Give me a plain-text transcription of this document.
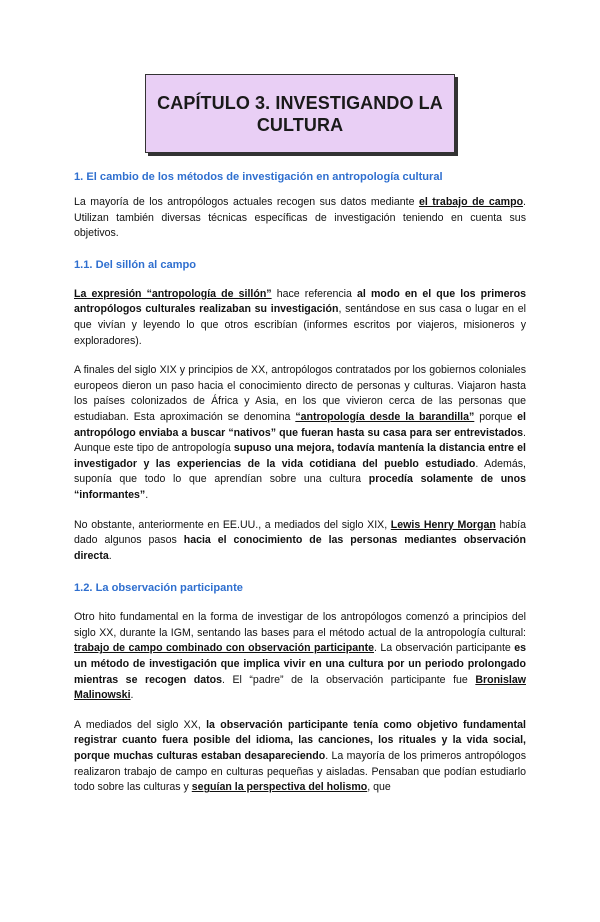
CAPÍTULO 3. INVESTIGANDO LA
CULTURA
1. El cambio de los métodos de investigación en antropología cultural

La mayoría de los antropólogos actuales recogen sus datos mediante el trabajo de campo. Utilizan también diversas técnicas específicas de investigación teniendo en cuenta sus objetivos.

1.1. Del sillón al campo

La expresión “antropología de sillón” hace referencia al modo en el que los primeros antropólogos culturales realizaban su investigación, sentándose en sus casa o lugar en el que vivían y leyendo lo que otros escribían (informes escritos por viajeros, misioneros y exploradores).

A finales del siglo XIX y principios de XX, antropólogos contratados por los gobiernos coloniales europeos dieron un paso hacia el conocimiento directo de personas y culturas. Viajaron hasta los países colonizados de África y Asia, en los que vivieron cerca de las personas que estudiaban. Esta aproximación se denomina “antropología desde la barandilla” porque el antropólogo enviaba a buscar “nativos” que fueran hasta su casa para ser entrevistados. Aunque este tipo de antropología supuso una mejora, todavía mantenía la distancia entre el investigador y las experiencias de la vida cotidiana del pueblo estudiado. Además, suponía que todo lo que aprendían sobre una cultura procedía solamente de unos “informantes”.

No obstante, anteriormente en EE.UU., a mediados del siglo XIX, Lewis Henry Morgan había dado algunos pasos hacia el conocimiento de las personas mediantes observación directa.

1.2. La observación participante

Otro hito fundamental en la forma de investigar de los antropólogos comenzó a principios del siglo XX, durante la IGM, sentando las bases para el método actual de la antropología cultural: trabajo de campo combinado con observación participante. La observación participante es un método de investigación que implica vivir en una cultura por un periodo prolongado mientras se recogen datos. El “padre” de la observación participante fue Bronislaw Malinowski.

A mediados del siglo XX, la observación participante tenía como objetivo fundamental registrar cuanto fuera posible del idioma, las canciones, los rituales y la vida social, porque muchas culturas estaban desapareciendo. La mayoría de los primeros antropólogos realizaron trabajo de campo en culturas pequeñas y aisladas. Pensaban que podían estudiarlo todo sobre las culturas y seguían la perspectiva del holismo, que
